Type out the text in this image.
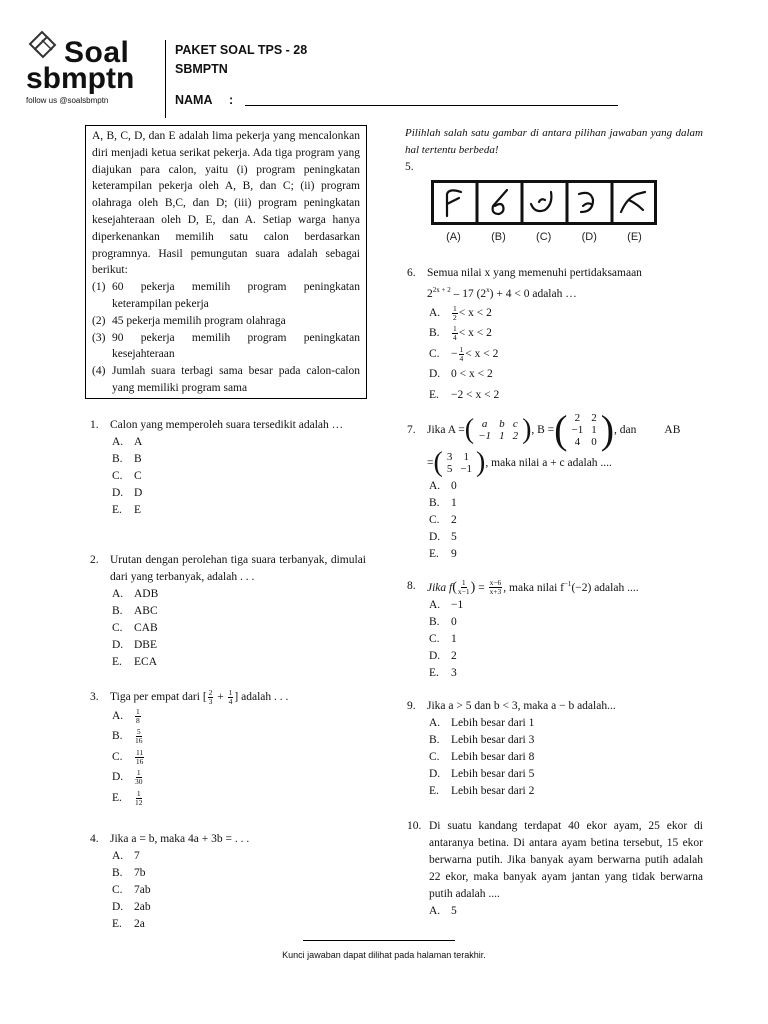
Soal
sbmptn
follow us @soalsbmptn
PAKET SOAL TPS - 28
SBMPTN
NAMA :

A, B, C, D, dan E adalah lima pekerja yang mencalonkan diri menjadi ketua serikat pekerja. Ada tiga program yang diajukan para calon, yaitu (i) program peningkatan keterampilan pekerja oleh A, B, dan C; (ii) program olahraga oleh B,C, dan D; (iii) program peningkatan kesejahteraan oleh D, E, dan A. Setiap warga hanya diperkenankan memilih satu calon berdasarkan programnya. Hasil pemungutan suara adalah sebagai berikut:

(1) 60 pekerja memilih program peningkatan keterampilan pekerja
(2) 45 pekerja memilih program olahraga
(3) 90 pekerja memilih program peningkatan kesejahteraan
(4) Jumlah suara terbagi sama besar pada calon-calon yang memiliki program sama
1. Calon yang memperoleh suara tersedikit adalah …
A. A
B. B
C. C
D. D
E.	E
2. Urutan dengan perolehan tiga suara terbanyak, dimulai dari yang terbanyak, adalah . . .
A. ADB
B. ABC
C. CAB
D. DBE
E.	ECA
3. Tiga per empat dari [ $\frac{2}{3} + \frac{1}{4}$ ] adalah . . .
A.	$\frac{1}{8}$
B.	$\frac{5}{16}$
C.	$\frac{11}{16}$
D.	$\frac{1}{30}$
E.	$\frac{1}{12}$
4. Jika a = b, maka 4a + 3b = . . .
A. 7
B. 7b
C. 7ab
D. 2ab
E.	2a
Pilihlah salah satu gambar di antara pilihan jawaban yang dalam hal tertentu berbeda!
5.
(A)	(B)	(C)	(D)	(E)
6. Semua nilai x yang memenuhi pertidaksamaan
$2^{2x + 2} - 17$ $(2^x) + 4 < 0$ adalah …
A.	$\frac{1}{2} < x < 2$
B.	$\frac{1}{4} < x < 2$
C. − $\frac{1}{4} < x < 2$
D. 0 < x < 2
E.	−2 < x < 2
7. Jika A = ( a	b	c
−1	1	2 ) , B = ( 2	2
−1	1
4	0 ) , dan AB
= ( 3	1
5	−1 ) , maka nilai a + c adalah ....
A. 0
B. 1
C. 2
D. 5
E.	9
8. Jika $f( \frac{1}{x-1}$ ) = $\frac{x-6}{x+3}$ , maka nilai $f^{-1}(-2)$ adalah ....
A. −1
B. 0
C. 1
D. 2
E.	3
9. Jika a > 5 dan b < 3, maka a − b adalah...
A. Lebih besar dari 1
B. Lebih besar dari 3
C. Lebih besar dari 8
D. Lebih besar dari 5
E.	Lebih besar dari 2
10. Di suatu kandang terdapat 40 ekor ayam, 25 ekor di antaranya betina. Di antara ayam betina tersebut, 15 ekor berwarna putih. Jika banyak ayam berwarna putih adalah 22 ekor, maka banyak ayam jantan yang tidak berwarna putih adalah ....
A. 5
Kunci jawaban dapat dilihat pada halaman terakhir.
